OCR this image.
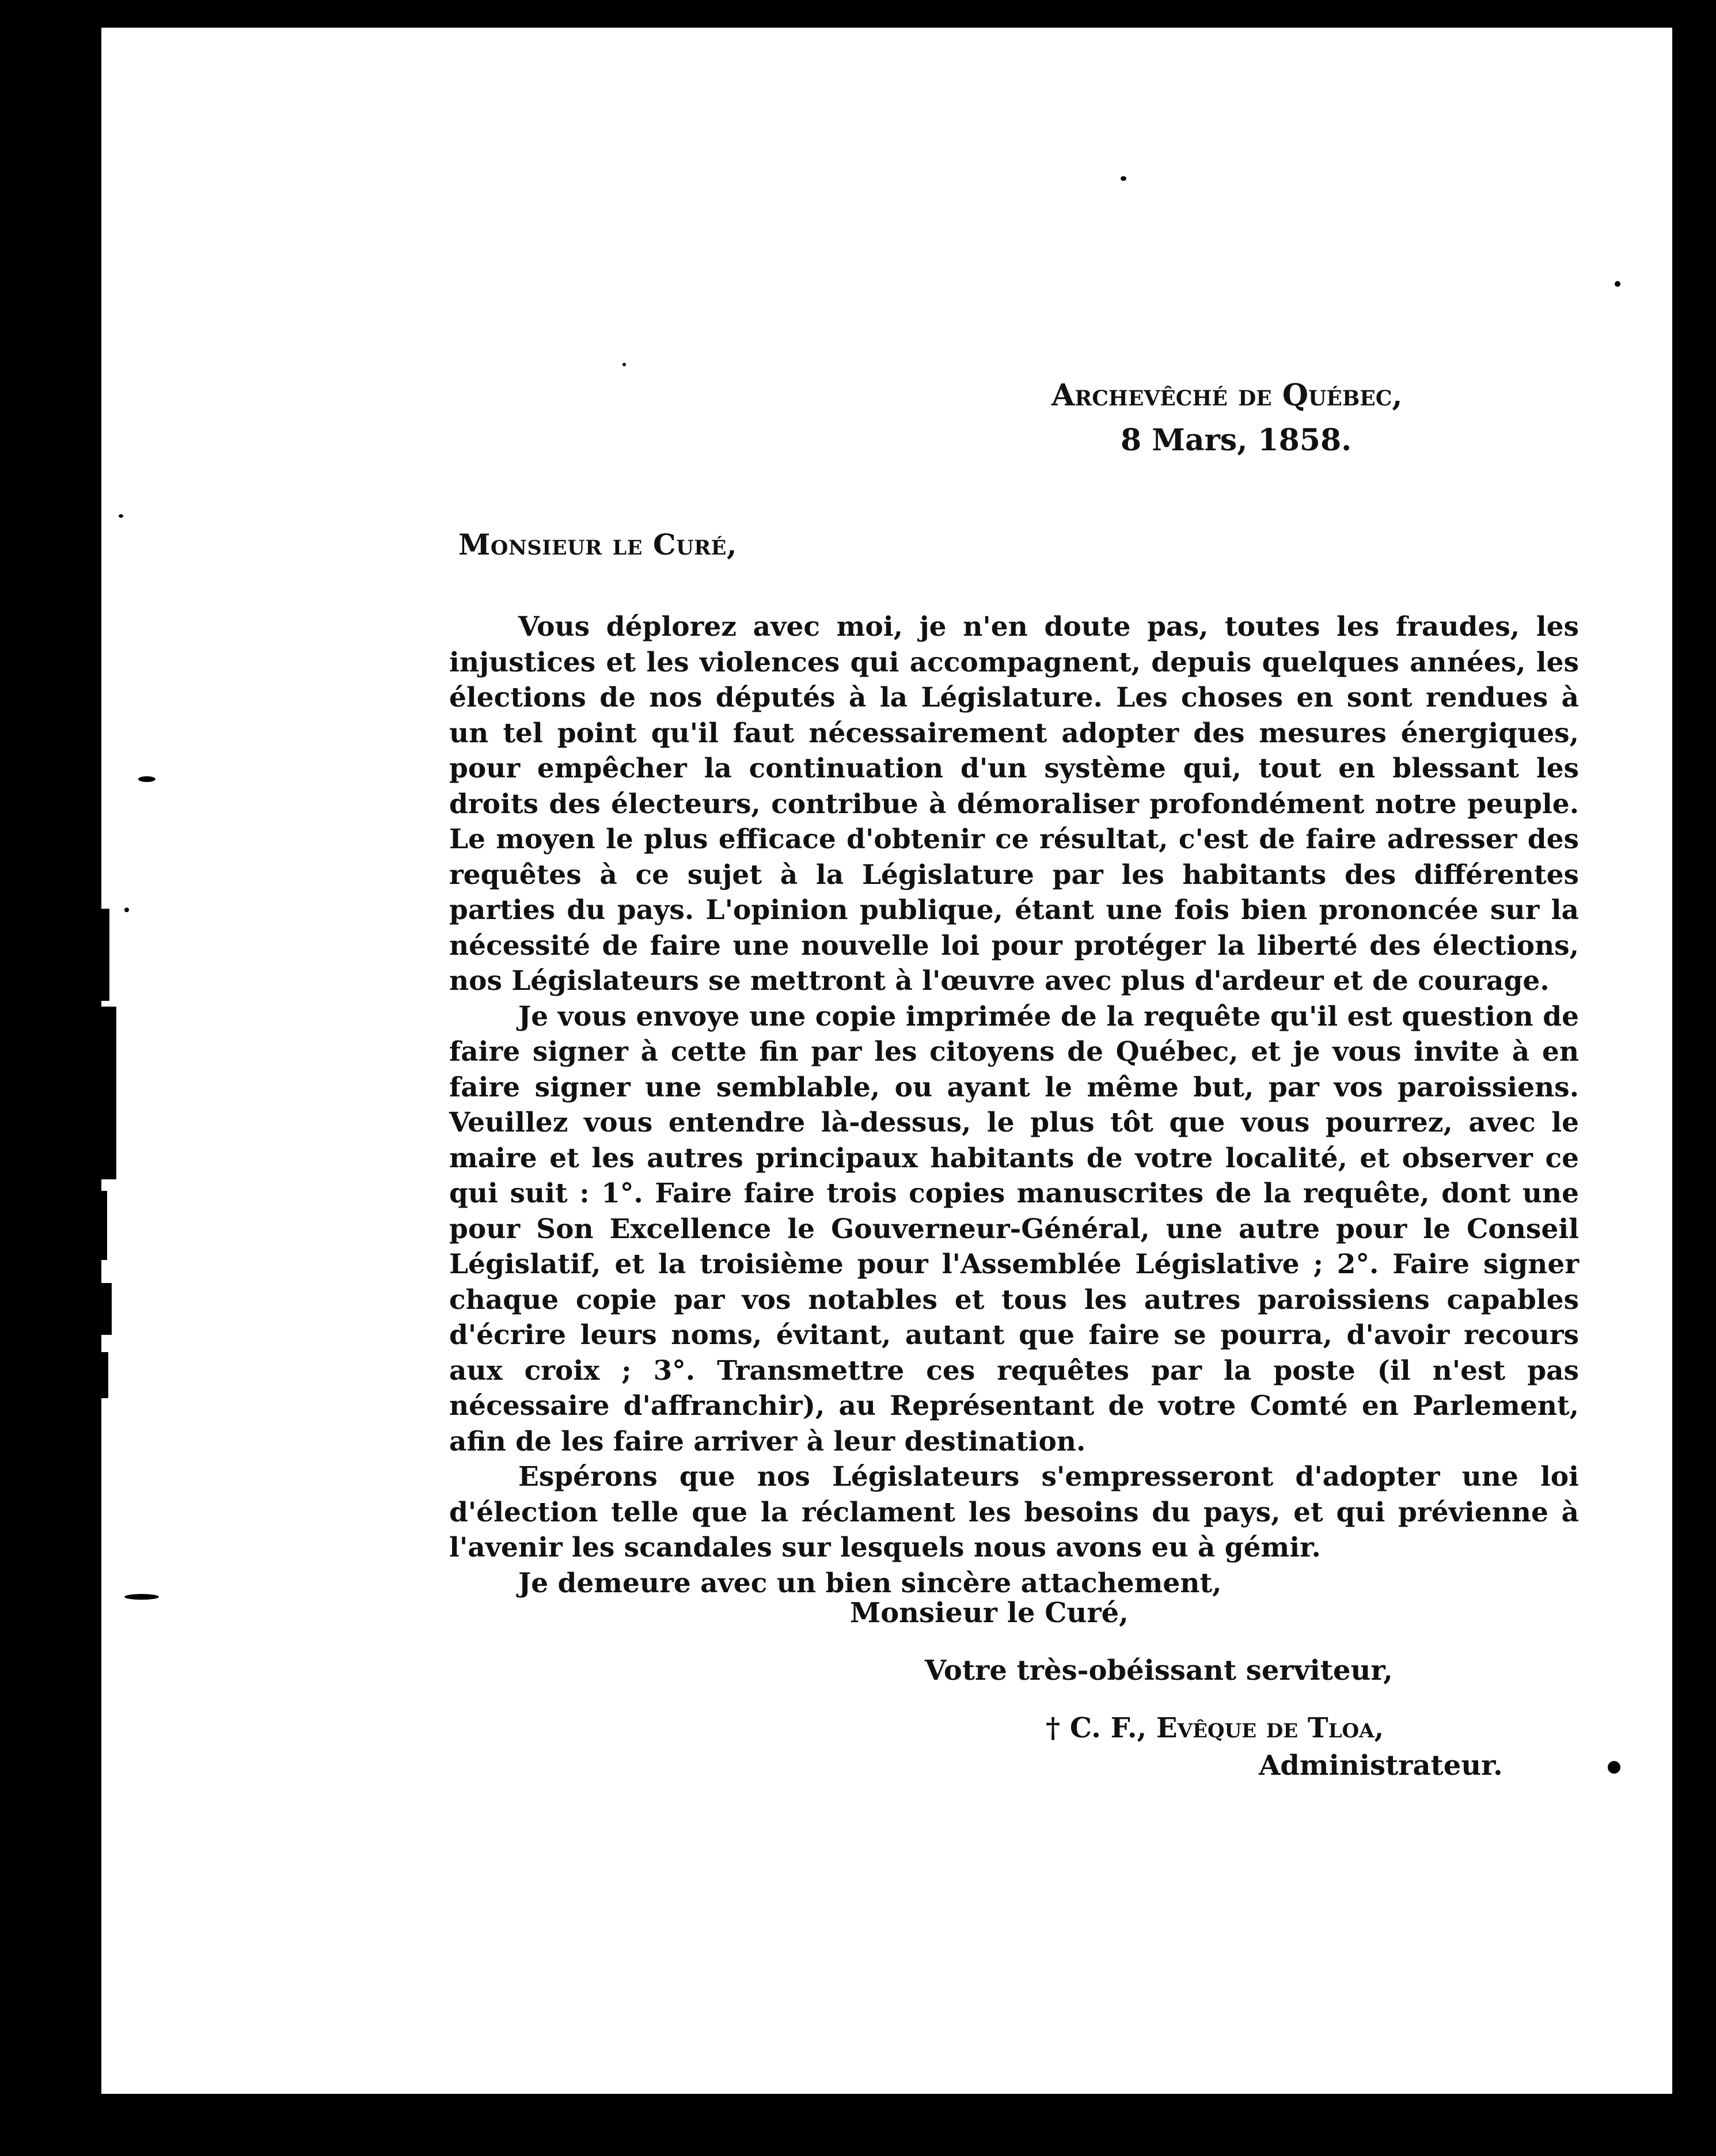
Archevêché de Québec,
8 Mars, 1858.
Monsieur le Curé,

Vous déplorez avec moi, je n'en doute pas, toutes les fraudes, les injustices et les violences qui accompagnent, depuis quelques années, les élections de nos députés à la Législature. Les choses en sont rendues à un tel point qu'il faut nécessairement adopter des mesures énergiques, pour empêcher la continuation d'un système qui, tout en blessant les droits des électeurs, contribue à démoraliser profondément notre peuple. Le moyen le plus efficace d'obtenir ce résultat, c'est de faire adresser des requêtes à ce sujet à la Législature par les habitants des différentes parties du pays. L'opinion publique, étant une fois bien prononcée sur la nécessité de faire une nouvelle loi pour protéger la liberté des élections, nos Législateurs se mettront à l'œuvre avec plus d'ardeur et de courage.

Je vous envoye une copie imprimée de la requête qu'il est question de faire signer à cette fin par les citoyens de Québec, et je vous invite à en faire signer une semblable, ou ayant le même but, par vos paroissiens. Veuillez vous entendre là-dessus, le plus tôt que vous pourrez, avec le maire et les autres principaux habitants de votre localité, et observer ce qui suit : 1°. Faire faire trois copies manuscrites de la requête, dont une pour Son Excellence le Gouverneur-Général, une autre pour le Conseil Législatif, et la troisième pour l'Assemblée Législative ; 2°. Faire signer chaque copie par vos notables et tous les autres paroissiens capables d'écrire leurs noms, évitant, autant que faire se pourra, d'avoir recours aux croix ; 3°. Transmettre ces requêtes par la poste (il n'est pas nécessaire d'affranchir), au Représentant de votre Comté en Parlement, afin de les faire arriver à leur destination.

Espérons que nos Législateurs s'empresseront d'adopter une loi d'élection telle que la réclament les besoins du pays, et qui prévienne à l'avenir les scandales sur lesquels nous avons eu à gémir.

Je demeure avec un bien sincère attachement,

Monsieur le Curé,
Votre très-obéissant serviteur,
† C. F., Evêque de Tloa,
Administrateur.
